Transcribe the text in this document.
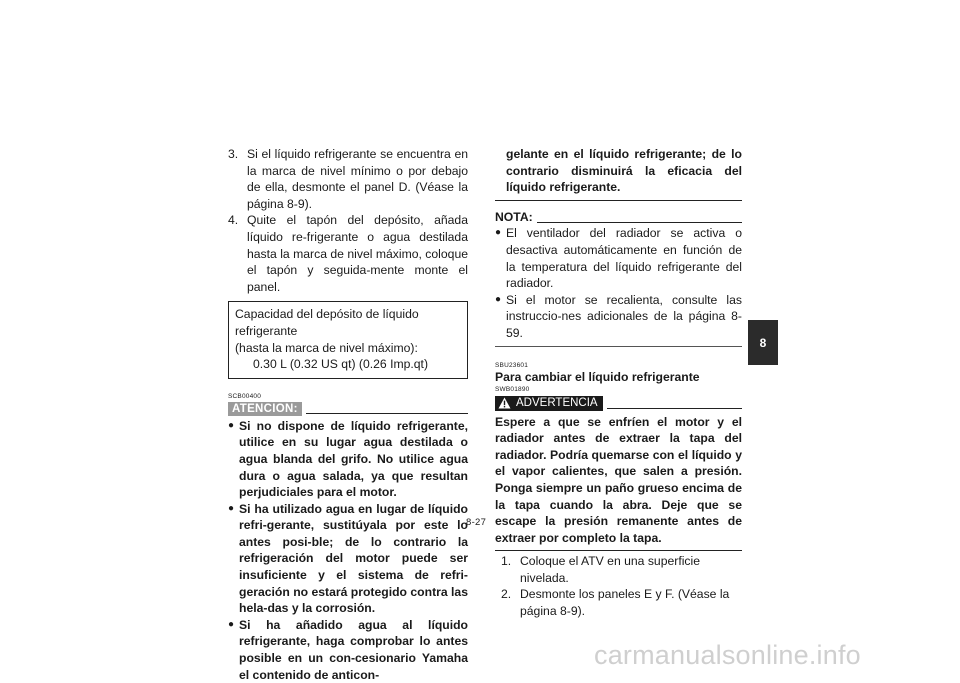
3. Si el líquido refrigerante se encuentra en la marca de nivel mínimo o por debajo de ella, desmonte el panel D. (Véase la página 8-9).
4. Quite el tapón del depósito, añada líquido re-frigerante o agua destilada hasta la marca de nivel máximo, coloque el tapón y seguida-mente monte el panel.
Capacidad del depósito de líquido refrigerante
(hasta la marca de nivel máximo):
0.30 L (0.32 US qt) (0.26 Imp.qt)
SCB00400
ATENCION:
● Si no dispone de líquido refrigerante, utilice en su lugar agua destilada o agua blanda del grifo. No utilice agua dura o agua salada, ya que resultan perjudiciales para el motor.
● Si ha utilizado agua en lugar de líquido refri-gerante, sustitúyala por este lo antes posi-ble; de lo contrario la refrigeración del motor puede ser insuficiente y el sistema de refri-geración no estará protegido contra las hela-das y la corrosión.
● Si ha añadido agua al líquido refrigerante, haga comprobar lo antes posible en un con-cesionario Yamaha el contenido de anticon-
gelante en el líquido refrigerante; de lo contrario disminuirá la eficacia del líquido refrigerante.
NOTA:
● El ventilador del radiador se activa o desactiva automáticamente en función de la temperatura del líquido refrigerante del radiador.
● Si el motor se recalienta, consulte las instruccio-nes adicionales de la página 8-59.
SBU23601
Para cambiar el líquido refrigerante
SWB01890
ADVERTENCIA
Espere a que se enfríen el motor y el radiador antes de extraer la tapa del radiador. Podría quemarse con el líquido y el vapor calientes, que salen a presión. Ponga siempre un paño grueso encima de la tapa cuando la abra. Deje que se escape la presión remanente antes de extraer por completo la tapa.
1. Coloque el ATV en una superficie nivelada.
2. Desmonte los paneles E y F. (Véase la página 8-9).
8-27
8
carmanualsonline.info
